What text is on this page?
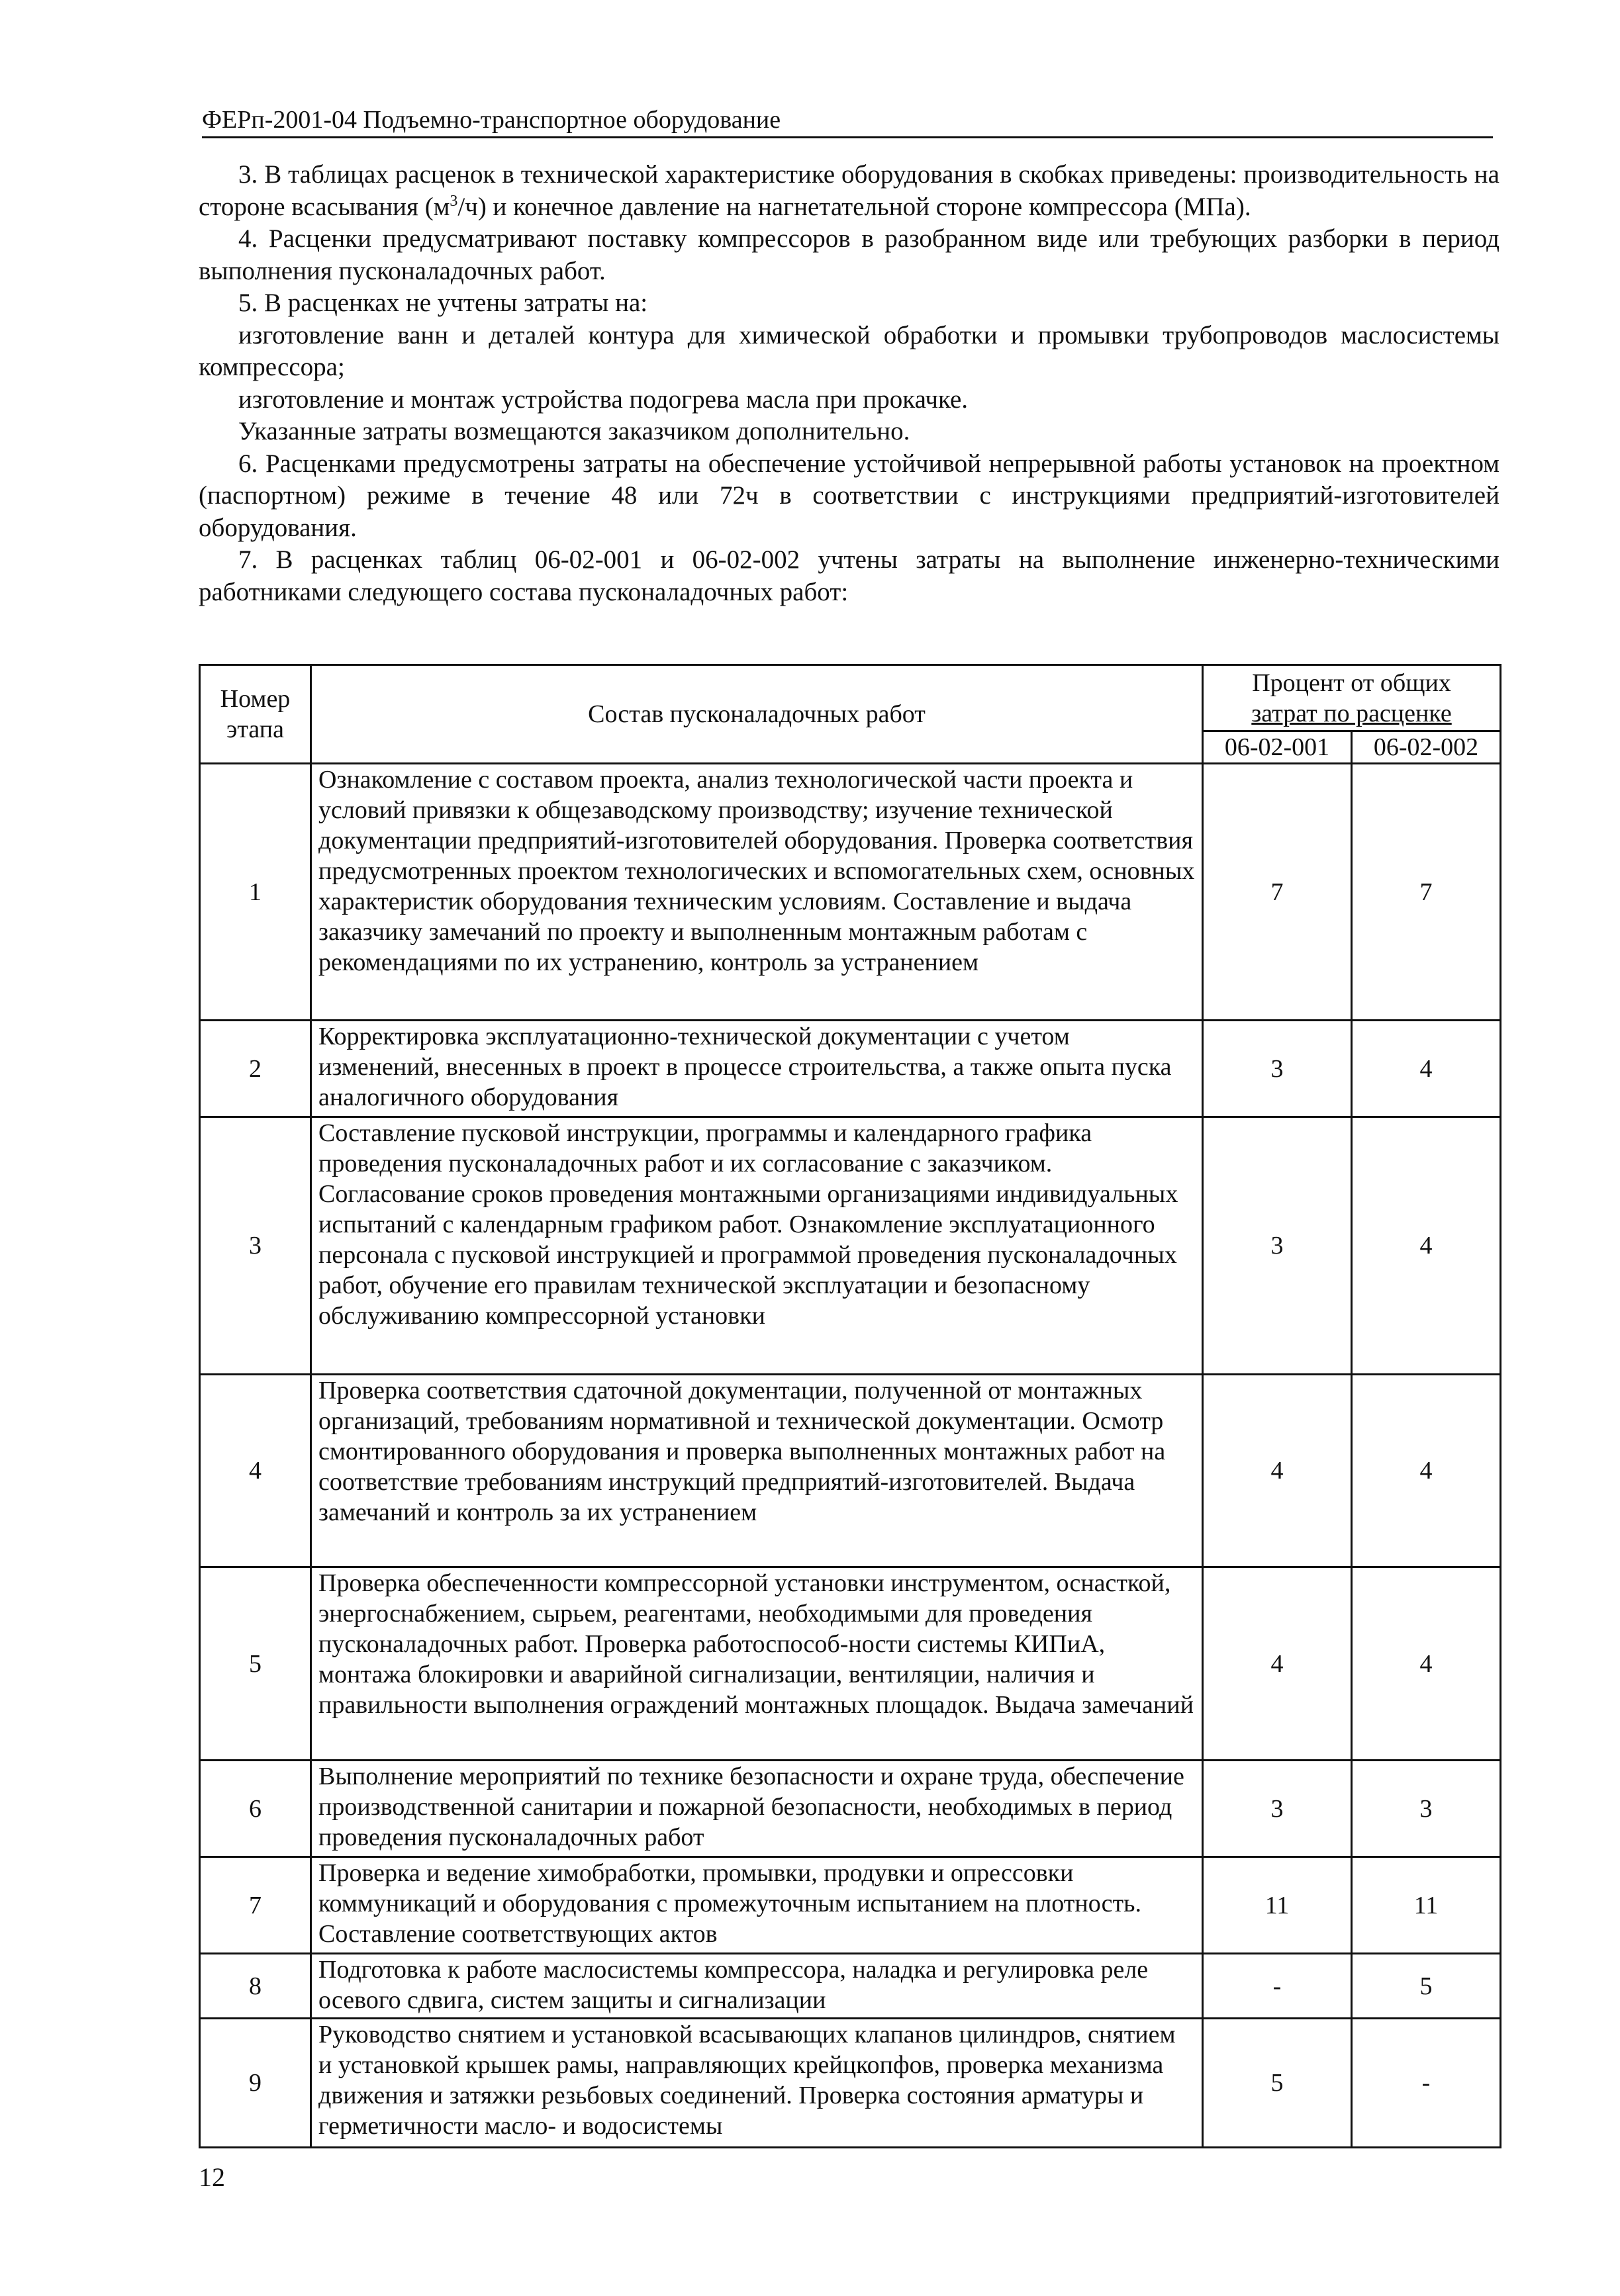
ФЕРп-2001-04 Подъемно-транспортное оборудование

3. В таблицах расценок в технической характеристике оборудования в скобках приведены: производительность на стороне всасывания $(м^3/ч)$ и конечное давление на нагнетательной стороне компрессора (МПа).

4. Расценки предусматривают поставку компрессоров в разобранном виде или требующих разборки в период выполнения пусконаладочных работ.

5. В расценках не учтены затраты на:

изготовление ванн и деталей контура для химической обработки и промывки трубопроводов маслосистемы компрессора;

изготовление и монтаж устройства подогрева масла при прокачке.

Указанные затраты возмещаются заказчиком дополнительно.

6. Расценками предусмотрены затраты на обеспечение устойчивой непрерывной работы установок на проектном (паспортном) режиме в течение 48 или 72ч в соответствии с инструкциями предприятий-изготовителей оборудования.

7. В расценках таблиц 06-02-001 и 06-02-002 учтены затраты на выполнение инженерно-техническими работниками следующего состава пусконаладочных работ:

Номер этапа	Состав пусконаладочных работ	Процент от общих
затрат по расценке	

		06-02-001	06-02-002
1	Ознакомление с составом проекта, анализ технологической части проекта и условий привязки к общезаводскому производству; изучение технической документации предприятий-изготовителей оборудования. Проверка соответствия предусмотренных проектом технологических и вспомогательных схем, основных характеристик оборудования техническим условиям. Составление и выдача заказчику замечаний по проекту и выполненным монтажным работам с рекомендациями по их устранению, контроль за устранением	7	7
2	Корректировка эксплуатационно-технической документации с учетом изменений, внесенных в проект в процессе строительства, а также опыта пуска аналогичного оборудования	3	4
3	Составление пусковой инструкции, программы и календарного графика проведения пусконаладочных работ и их согласование с заказчиком. Согласование сроков проведения монтажными организациями индивидуальных испытаний с календарным графиком работ. Ознакомление эксплуатационного персонала с пусковой инструкцией и программой проведения пусконаладочных работ, обучение его правилам технической эксплуатации и безопасному обслуживанию компрессорной установки	3	4
4	Проверка соответствия сдаточной документации, полученной от монтажных организаций, требованиям нормативной и технической документации. Осмотр смонтированного оборудования и проверка выполненных монтажных работ на соответствие требованиям инструкций предприятий-изготовителей. Выдача замечаний и контроль за их устранением	4	4
5	Проверка обеспеченности компрессорной установки инструментом, оснасткой, энергоснабжением, сырьем, реагентами, необходимыми для проведения пусконаладочных работ. Проверка работоспособ-ности системы КИПиА, монтажа блокировки и аварийной сигнализации, вентиляции, наличия и правильности выполнения ограждений монтажных площадок. Выдача замечаний	4	4
6	Выполнение мероприятий по технике безопасности и охране труда, обеспечение производственной санитарии и пожарной безопасности, необходимых в период проведения пусконаладочных работ	3	3
7	Проверка и ведение химобработки, промывки, продувки и опрессовки коммуникаций и оборудования с промежуточным испытанием на плотность. Составление соответствующих актов	11	11
8	Подготовка к работе маслосистемы компрессора, наладка и регулировка реле осевого сдвига, систем защиты и сигнализации	-	5
9	Руководство снятием и установкой всасывающих клапанов цилиндров, снятием и установкой крышек рамы, направляющих крейцкопфов, проверка механизма движения и затяжки резьбовых соединений. Проверка состояния арматуры и герметичности масло- и водосистемы	5	-
12
